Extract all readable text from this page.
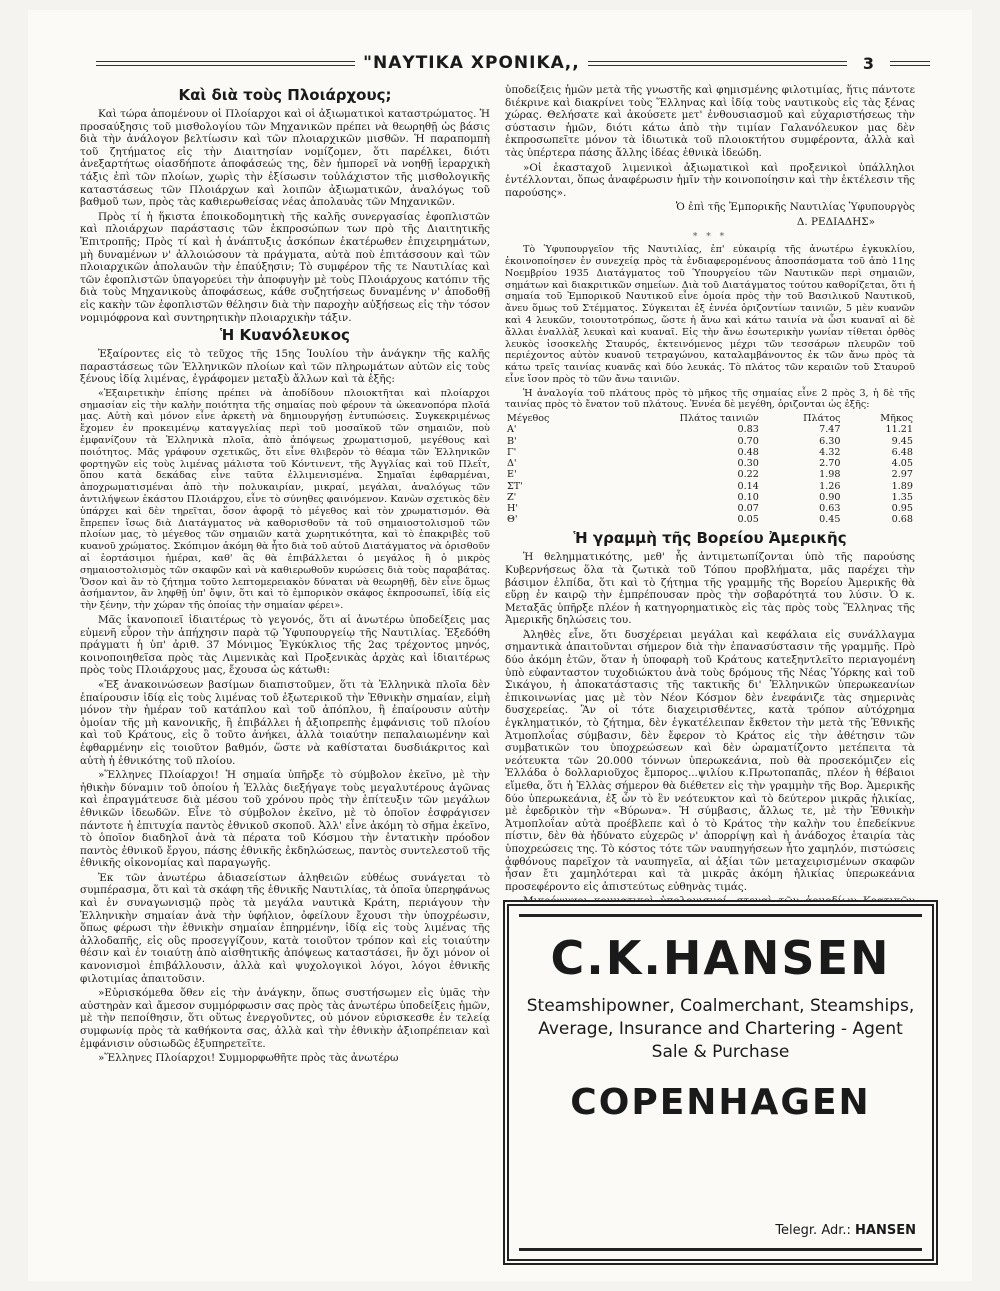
"ΝΑΥΤΙΚΑ ΧΡΟΝΙΚΑ,,	3
Καὶ διὰ τοὺς Πλοιάρχους;

Καὶ τώρα ἀπομένουν οἱ Πλοίαρχοι καὶ οἱ ἀξιωματικοὶ καταστρώματος. Ἡ προσαύξησις τοῦ μισθολογίου τῶν Μηχανικῶν πρέπει νὰ θεωρηθῇ ὡς βάσις διὰ τὴν ἀνάλογον βελτίωσιν καὶ τῶν πλοιαρχικῶν μισθῶν. Ἡ παραπομπὴ τοῦ ζητήματος εἰς τὴν Διαιτησίαν νομίζομεν, ὅτι παρέλκει, διότι ἀνεξαρτήτως οἱασδήποτε ἀποφάσεώς της, δὲν ἠμπορεῖ νὰ νοηθῇ ἱεραρχικὴ τάξις ἐπὶ τῶν πλοίων, χωρὶς τὴν ἐξίσωσιν τοὐλάχιστον τῆς μισθολογικῆς καταστάσεως τῶν Πλοιάρχων καὶ λοιπῶν ἀξιωματικῶν, ἀναλόγως τοῦ βαθμοῦ των, πρὸς τὰς καθιερωθείσας νέας ἀπολαυὰς τῶν Μηχανικῶν.

Πρὸς τί ἡ ἥκιστα ἐποικοδομητικὴ τῆς καλῆς συνεργασίας ἐφοπλιστῶν καὶ πλοιάρχων παράστασις τῶν ἐκπροσώπων των πρὸ τῆς Διαιτητικῆς Ἐπιτροπῆς; Πρὸς τί καὶ ἡ ἀνάπτυξις ἀσκόπων ἐκατέρωθεν ἐπιχειρημάτων, μὴ δυναμένων ν' ἀλλοιώσουν τὰ πράγματα, αὐτὰ ποὺ ἐπιτάσσουν καὶ τῶν πλοιαρχικῶν ἀπολαυῶν τὴν ἐπαύξησιν; Τὸ συμφέρον τῆς τε Ναυτιλίας καὶ τῶν ἐφοπλιστῶν ὑπαγορεύει τὴν ἀποφυγὴν μὲ τοὺς Πλοιάρχους κατόπιν τῆς διὰ τοὺς Μηχανικοὺς ἀποφάσεως, κάθε συζητήσεως δυναμένης ν' ἀποδοθῇ εἰς κακὴν τῶν ἐφοπλιστῶν θέλησιν διὰ τὴν παροχὴν αὐξήσεως εἰς τὴν τόσον νομιμόφρονα καὶ συντηρητικὴν πλοιαρχικὴν τάξιν.

Ἡ Κυανόλευκος

Ἐξαίροντες εἰς τὸ τεῦχος τῆς 15ης Ἰουλίου τὴν ἀνάγκην τῆς καλῆς παραστάσεως τῶν Ἑλληνικῶν πλοίων καὶ τῶν πληρωμάτων αὐτῶν εἰς τοὺς ξένους ἰδίᾳ λιμένας, ἐγράφομεν μεταξὺ ἄλλων καὶ τὰ ἑξῆς:

«Ἐξαιρετικὴν ἐπίσης πρέπει νὰ ἀποδίδουν πλοιοκτῆται καὶ πλοίαρχοι σημασίαν εἰς τὴν καλὴν ποιότητα τῆς σημαίας ποὺ φέρουν τὰ ὠκεανοπόρα πλοῖά μας. Αὐτὴ καὶ μόνον εἶνε ἀρκετὴ νὰ δημιουργήσῃ ἐντυπώσεις. Συγκεκριμένως ἔχομεν ἐν προκειμένῳ καταγγελίας περὶ τοῦ μοσαϊκοῦ τῶν σημαιῶν, ποὺ ἐμφανίζουν τὰ Ἑλληνικὰ πλοῖα, ἀπὸ ἀπόψεως χρωματισμοῦ, μεγέθους καὶ ποιότητος. Μᾶς γράφουν σχετικῶς, ὅτι εἶνε θλιβερὸν τὸ θέαμα τῶν Ἑλληνικῶν φορτηγῶν εἰς τοὺς λιμένας μάλιστα τοῦ Κόντινεντ, τῆς Ἀγγλίας καὶ τοῦ Πλεΐτ, ὅπου κατὰ δεκάδας εἶνε ταῦτα ἐλλιμενισμένα. Σημαῖαι ἐφθαρμέναι, ἀποχρωματισμέναι ἀπὸ τὴν πολυκαιρίαν, μικραί, μεγάλαι, ἀναλόγως τῶν ἀντιλήψεων ἑκάστου Πλοιάρχου, εἶνε τὸ σύνηθες φαινόμενον. Κανὼν σχετικὸς δὲν ὑπάρχει καὶ δὲν τηρεῖται, ὅσον ἀφορᾷ τὸ μέγεθος καὶ τὸν χρωματισμόν. Θὰ ἔπρεπεν ἴσως διὰ Διατάγματος νὰ καθορισθοῦν τὰ τοῦ σημαιοστολισμοῦ τῶν πλοίων μας, τὸ μέγεθος τῶν σημαιῶν κατὰ χωρητικότητα, καὶ τὸ ἐπακριβὲς τοῦ κυανοῦ χρώματος. Σκόπιμον ἀκόμη θὰ ἦτο διὰ τοῦ αὐτοῦ Διατάγματος νὰ ὁρισθοῦν αἱ ἑορτάσιμοι ἡμέραι, καθ' ἃς θὰ ἐπιβάλλεται ὁ μεγάλος ἢ ὁ μικρὸς σημαιοστολισμὸς τῶν σκαφῶν καὶ νὰ καθιερωθοῦν κυρώσεις διὰ τοὺς παραβάτας. Ὅσον καὶ ἂν τὸ ζήτημα τοῦτο λεπτομερειακὸν δύναται νὰ θεωρηθῇ, δὲν εἶνε ὅμως ἀσήμαντον, ἂν ληφθῇ ὑπ' ὄψιν, ὅτι καὶ τὸ ἐμπορικὸν σκάφος ἐκπροσωπεῖ, ἰδίᾳ εἰς τὴν ξένην, τὴν χώραν τῆς ὁποίας τὴν σημαίαν φέρει».

Μᾶς ἱκανοποιεῖ ἰδιαιτέρως τὸ γεγονός, ὅτι αἱ ἀνωτέρω ὑποδείξεις μας εὐμενῆ εὗρον τὴν ἀπήχησιν παρὰ τῷ Ὑφυπουργείῳ τῆς Ναυτιλίας. Ἐξεδόθη πράγματι ἡ ὑπ' ἀριθ. 37 Μόνιμος Ἐγκύκλιος τῆς 2ας τρέχοντος μηνός, κοινοποιηθεῖσα πρὸς τὰς Λιμενικὰς καὶ Προξενικὰς ἀρχὰς καὶ ἰδιαιτέρως πρὸς τοὺς Πλοιάρχους μας, ἔχουσα ὡς κάτωθι:

«Ἐξ ἀνακοινώσεων βασίμων διαπιστοῦμεν, ὅτι τὰ Ἑλληνικὰ πλοῖα δὲν ἐπαίρουσιν ἰδίᾳ εἰς τοὺς λιμένας τοῦ ἐξωτερικοῦ τὴν Ἐθνικὴν σημαίαν, εἰμὴ μόνον τὴν ἡμέραν τοῦ κατάπλου καὶ τοῦ ἀπόπλου, ἢ ἐπαίρουσιν αὐτὴν ὁμοίαν τῆς μὴ κανονικῆς, ἢ ἐπιβάλλει ἡ ἀξιοπρεπὴς ἐμφάνισις τοῦ πλοίου καὶ τοῦ Κράτους, εἰς ὃ τοῦτο ἀνήκει, ἀλλὰ τοιαύτην πεπαλαιωμένην καὶ ἐφθαρμένην εἰς τοιοῦτον βαθμόν, ὥστε νὰ καθίσταται δυσδιάκριτος καὶ αὐτὴ ἡ ἐθνικότης τοῦ πλοίου.

»Ἕλληνες Πλοίαρχοι! Ἡ σημαία ὑπῆρξε τὸ σύμβολον ἐκεῖνο, μὲ τὴν ἠθικὴν δύναμιν τοῦ ὁποίου ἡ Ἑλλὰς διεξήγαγε τοὺς μεγαλυτέρους ἀγῶνας καὶ ἐπραγμάτευσε διὰ μέσου τοῦ χρόνου πρὸς τὴν ἐπίτευξιν τῶν μεγάλων ἐθνικῶν ἰδεωδῶν. Εἶνε τὸ σύμβολον ἐκεῖνο, μὲ τὸ ὁποῖον ἐσφράγισεν πάντοτε ἡ ἐπιτυχία παντὸς ἐθνικοῦ σκοποῦ. Ἀλλ' εἶνε ἀκόμη τὸ σῆμα ἐκεῖνο, τὸ ὁποῖον διαδηλοῖ ἀνὰ τὰ πέρατα τοῦ Κόσμου τὴν ἐντατικὴν πρόοδον παντὸς ἐθνικοῦ ἔργου, πάσης ἐθνικῆς ἐκδηλώσεως, παντὸς συντελεστοῦ τῆς ἐθνικῆς οἰκονομίας καὶ παραγωγῆς.

Ἐκ τῶν ἀνωτέρω ἀδιασείστων ἀληθειῶν εὐθέως συνάγεται τὸ συμπέρασμα, ὅτι καὶ τὰ σκάφη τῆς ἐθνικῆς Ναυτιλίας, τὰ ὁποῖα ὑπερηφάνως καὶ ἐν συναγωνισμῷ πρὸς τὰ μεγάλα ναυτικὰ Κράτη, περιάγουν τὴν Ἑλληνικὴν σημαίαν ἀνὰ τὴν ὑφήλιον, ὀφείλουν ἔχουσι τὴν ὑποχρέωσιν, ὅπως φέρωσι τὴν ἐθνικὴν σημαίαν ἐπηρμένην, ἰδίᾳ εἰς τοὺς λιμένας τῆς ἀλλοδαπῆς, εἰς οὓς προσεγγίζουν, κατὰ τοιοῦτον τρόπον καὶ εἰς τοιαύτην θέσιν καὶ ἐν τοιαύτῃ ἀπὸ αἰσθητικῆς ἀπόψεως καταστάσει, ἣν ὄχι μόνον οἱ κανονισμοὶ ἐπιβάλλουσιν, ἀλλὰ καὶ ψυχολογικοὶ λόγοι, λόγοι ἐθνικῆς φιλοτιμίας ἀπαιτοῦσιν.

»Εὑρισκόμεθα ὅθεν εἰς τὴν ἀνάγκην, ὅπως συστήσωμεν εἰς ὑμᾶς τὴν αὐστηρὰν καὶ ἄμεσον συμμόρφωσιν σας πρὸς τὰς ἀνωτέρω ὑποδείξεις ἡμῶν, μὲ τὴν πεποίθησιν, ὅτι οὕτως ἐνεργοῦντες, οὐ μόνον εὐρισκεσθε ἐν τελείᾳ συμφωνίᾳ πρὸς τὰ καθήκοντα σας, ἀλλὰ καὶ τὴν ἐθνικὴν ἀξιοπρέπειαν καὶ ἐμφάνισιν οὐσιωδῶς ἐξυπηρετεῖτε.

»Ἕλληνες Πλοίαρχοι! Συμμορφωθῆτε πρὸς τὰς ἀνωτέρω

ὑποδείξεις ἡμῶν μετὰ τῆς γνωστῆς καὶ φημισμένης φιλοτιμίας, ἥτις πάντοτε διέκρινε καὶ διακρίνει τοὺς Ἕλληνας καὶ ἰδίᾳ τοὺς ναυτικοὺς εἰς τὰς ξένας χώρας. Θελήσατε καὶ ἀκούσετε μετ' ἐνθουσιασμοῦ καὶ εὐχαριστήσεως τὴν σύστασιν ἡμῶν, διότι κάτω ἀπὸ τὴν τιμίαν Γαλανόλευκον μας δὲν ἐκπροσωπεῖτε μόνον τὰ ἰδιωτικὰ τοῦ πλοιοκτήτου συμφέροντα, ἀλλὰ καὶ τὰς ὑπέρτερα πάσης ἄλλης ἰδέας ἐθνικὰ ἰδεώδη.

»Οἱ ἑκασταχοῦ λιμενικοὶ ἀξιωματικοὶ καὶ προξενικοὶ ὑπάλληλοι ἐντέλλονται, ὅπως ἀναφέρωσιν ἡμῖν τὴν κοινοποίησιν καὶ τὴν ἐκτέλεσιν τῆς παρούσης».

Ὁ ἐπὶ τῆς Ἐμπορικῆς Ναυτιλίας Ὑφυπουργὸς

Δ. ΡΕΔΙΑΔΗΣ»

* * *

Τὸ Ὑφυπουργεῖον τῆς Ναυτιλίας, ἐπ' εὐκαιρίᾳ τῆς ἀνωτέρω ἐγκυκλίου, ἐκοινοποίησεν ἐν συνεχείᾳ πρὸς τὰ ἐνδιαφερομένους ἀποσπάσματα τοῦ ἀπὸ 11ης Νοεμβρίου 1935 Διατάγματος τοῦ Ὑπουργείου τῶν Ναυτικῶν περὶ σημαιῶν, σημάτων καὶ διακριτικῶν σημείων. Διὰ τοῦ Διατάγματος τούτου καθορίζεται, ὅτι ἡ σημαία τοῦ Ἐμπορικοῦ Ναυτικοῦ εἶνε ὁμοία πρὸς τὴν τοῦ Βασιλικοῦ Ναυτικοῦ, ἄνευ ὅμως τοῦ Στέμματος. Σύγκειται ἐξ ἐννέα ὁριζοντίων ταινιῶν, 5 μὲν κυανῶν καὶ 4 λευκῶν, τοιουτοτρόπως, ὥστε ἡ ἄνω καὶ κάτω ταινία νὰ ὦσι κυαναῖ αἱ δὲ ἄλλαι ἐναλλὰξ λευκαὶ καὶ κυαναῖ. Εἰς τὴν ἄνω ἐσωτερικὴν γωνίαν τίθεται ὀρθὸς λευκὸς ἰσοσκελὴς Σταυρός, ἐκτεινόμενος μέχρι τῶν τεσσάρων πλευρῶν τοῦ περιέχοντος αὐτὸν κυανοῦ τετραγώνου, καταλαμβάνοντος ἐκ τῶν ἄνω πρὸς τὰ κάτω τρεῖς ταινίας κυανᾶς καὶ δύο λευκάς. Τὸ πλάτος τῶν κεραιῶν τοῦ Σταυροῦ εἶνε ἴσον πρὸς τὸ τῶν ἄνω ταινιῶν.

Ἡ ἀναλογία τοῦ πλάτους πρὸς τὸ μῆκος τῆς σημαίας εἶνε 2 πρὸς 3, ἡ δὲ τῆς ταινίας πρὸς τὸ ἔνατον τοῦ πλάτους. Ἐννέα δὲ μεγέθη, ὁριζονται ὡς ἑξῆς:

Μέγεθος	Πλάτος ταινιῶν	Πλάτος	Μῆκος
Α'	0.83	7.47	11.21
Β'	0.70	6.30	9.45
Γ'	0.48	4.32	6.48
Δ'	0.30	2.70	4.05
Ε'	0.22	1.98	2.97
ΣΤ'	0.14	1.26	1.89
Ζ'	0.10	0.90	1.35
Η'	0.07	0.63	0.95
Θ'	0.05	0.45	0.68
Ἡ γραμμὴ τῆς Βορείου Ἀμερικῆς

Ἡ θελημματικότης, μεθ' ἧς ἀντιμετωπίζονται ὑπὸ τῆς παρούσης Κυβερνήσεως ὅλα τὰ ζωτικὰ τοῦ Τόπου προβλήματα, μᾶς παρέχει τὴν βάσιμον ἐλπίδα, ὅτι καὶ τὸ ζήτημα τῆς γραμμῆς τῆς Βορείου Ἀμερικῆς θὰ εὕρῃ ἐν καιρῷ τὴν ἐμπρέπουσαν πρὸς τὴν σοβαρότητά του λύσιν. Ὁ κ. Μεταξᾶς ὑπῆρξε πλέον ἡ κατηγορηματικὸς εἰς τὰς πρὸς τοὺς Ἕλληνας τῆς Ἀμερικῆς δηλώσεις του.

Ἀληθὲς εἶνε, ὅτι δυσχέρειαι μεγάλαι καὶ κεφάλαια εἰς συνάλλαγμα σημαντικὰ ἀπαιτοῦνται σήμερον διὰ τὴν ἐπανασύστασιν τῆς γραμμῆς. Πρὸ δύο ἀκόμη ἐτῶν, ὅταν ἡ ὑποφαρὴ τοῦ Κράτους κατεξηντλεῖτο περιαγομένη ὑπὸ εὐφανταστον τυχοδιώκτου ἀνὰ τοὺς δρόμους τῆς Νέας Ὑόρκης καὶ τοῦ Σικάγου, ἡ ἀποκατάστασις τῆς τακτικῆς δι' Ἑλληνικῶν ὑπερωκεανίων ἐπικοινωνίας μας μὲ τὸν Νέον Κόσμον δὲν ἐνεφάνιζε τὰς σημερινὰς δυσχερείας. Ἂν οἱ τότε διαχειρισθέντες, κατὰ τρόπον αὐτόχρημα ἐγκληματικόν, τὸ ζήτημα, δὲν ἐγκατέλειπαν ἔκθετον τὴν μετὰ τῆς Ἐθνικῆς Ἀτμοπλοΐας σύμβασιν, δὲν ἔφερον τὸ Κράτος εἰς τὴν ἀθέτησιν τῶν συμβατικῶν του ὑποχρεώσεων καὶ δὲν ὡραματίζοντο μετέπειτα τὰ νεότευκτα τῶν 20.000 τόννων ὑπερωκεάνια, ποὺ θὰ προσεκόμιζεν εἰς Ἑλλάδα ὁ δολλαριοῦχος ἔμπορος...ψιλίου κ.Πρωτοπαπᾶς, πλέον ἡ θέβαιοι εἴμεθα, ὅτι ἡ Ἑλλὰς σήμερον θὰ διέθετεν εἰς τὴν γραμμὴν τῆς Βορ. Ἀμερικῆς δύο ὑπερωκεάνια, ἐξ ὧν τὸ ἓν νεότευκτον καὶ τὸ δεύτερον μικρᾶς ἡλικίας, μὲ ἐφεδρικὸν τὴν «Βύρωνα». Ἡ σύμβασις, ἄλλως τε, μὲ τὴν Ἐθνικὴν Ἀτμοπλοΐαν αὐτὰ προέβλεπε καὶ ὁ τὸ Κράτος τὴν καλὴν του ἐπεδείκνυε πίστιν, δὲν θὰ ἠδύνατο εὐχερῶς ν' ἀπορρίψῃ καὶ ἡ ἀνάδοχος ἑταιρία τὰς ὑποχρεώσεις της. Τὸ κόστος τότε τῶν ναυπηγήσεων ἦτο χαμηλόν, πιστώσεις ἀφθόνους παρεῖχον τὰ ναυπηγεῖα, αἱ ἀξίαι τῶν μεταχειρισμένων σκαφῶν ἦσαν ἔτι χαμηλότεραι καὶ τὰ μικρᾶς ἀκόμη ἡλικίας ὑπερωκεάνια προσεφέροντο εἰς ἀπιστεύτως εὐθηνὰς τιμάς.

C.K.HANSEN
Steamshipowner, Coalmerchant, Steamships,
Average, Insurance and Chartering - Agent
Sale & Purchase
COPENHAGEN
Telegr. Adr.: HANSEN
